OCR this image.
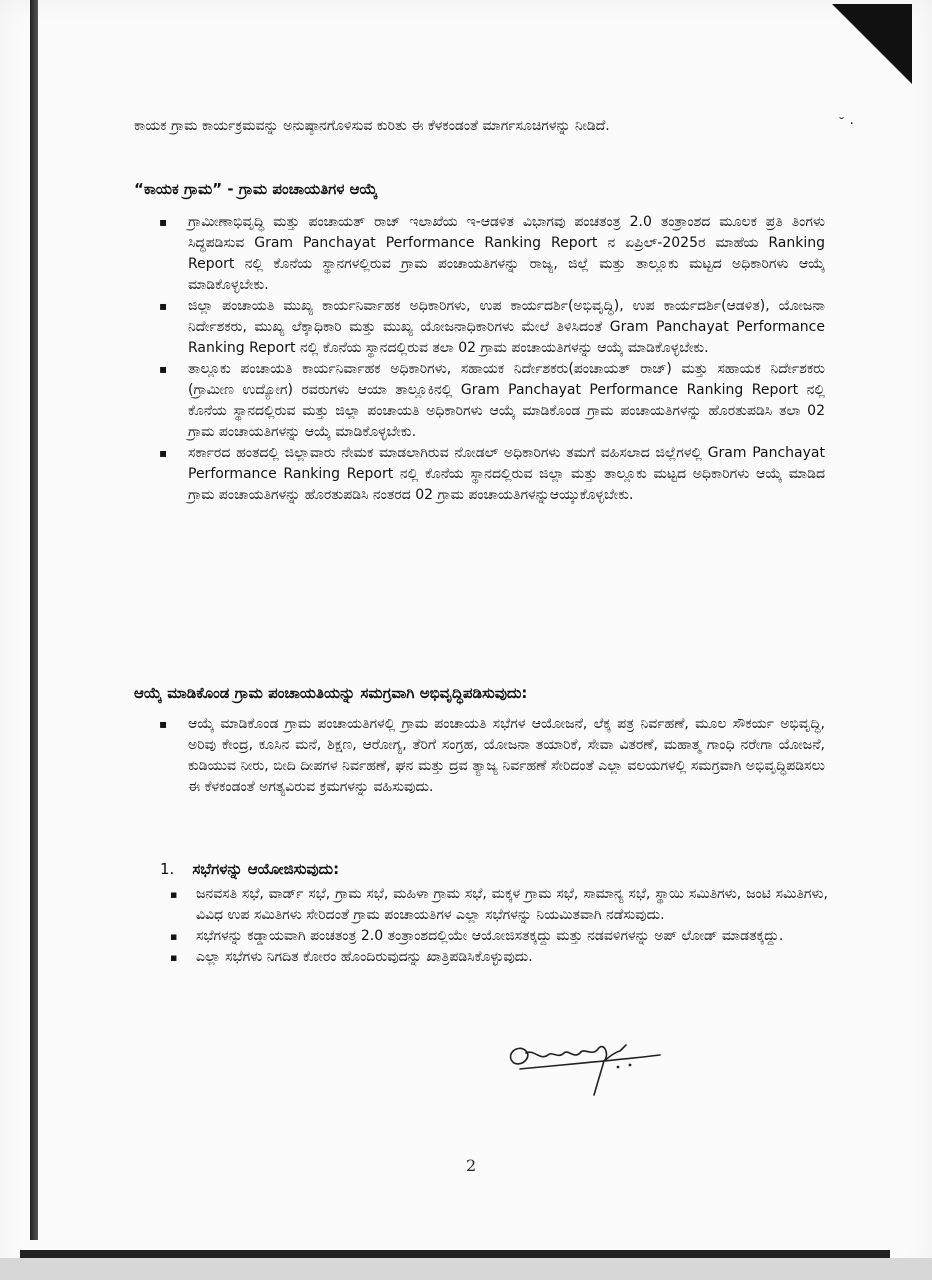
˘ ·
ಕಾಯಕ ಗ್ರಾಮ ಕಾರ್ಯಕ್ರಮವನ್ನು ಅನುಷ್ಠಾನಗೊಳಿಸುವ ಕುರಿತು ಈ ಕೆಳಕಂಡಂತೆ ಮಾರ್ಗಸೂಚಿಗಳನ್ನು ನೀಡಿದೆ.
“ಕಾಯಕ ಗ್ರಾಮ” - ಗ್ರಾಮ ಪಂಚಾಯತಿಗಳ ಆಯ್ಕೆ
▪ ಗ್ರಾಮೀಣಾಭಿವೃದ್ಧಿ ಮತ್ತು ಪಂಚಾಯತ್ ರಾಜ್ ಇಲಾಖೆಯ ಇ-ಆಡಳಿತ ವಿಭಾಗವು ಪಂಚತಂತ್ರ 2.0 ತಂತ್ರಾಂಶದ ಮೂಲಕ ಪ್ರತಿ ತಿಂಗಳು ಸಿದ್ಧಪಡಿಸುವ Gram Panchayat Performance Ranking Report ನ ಏಪ್ರಿಲ್-2025ರ ಮಾಹೆಯ Ranking Report ನಲ್ಲಿ ಕೊನೆಯ ಸ್ಥಾನಗಳಲ್ಲಿರುವ ಗ್ರಾಮ ಪಂಚಾಯತಿಗಳನ್ನು ರಾಜ್ಯ, ಜಿಲ್ಲೆ ಮತ್ತು ತಾಲ್ಲೂಕು ಮಟ್ಟದ ಅಧಿಕಾರಿಗಳು ಆಯ್ಕೆ ಮಾಡಿಕೊಳ್ಳಬೇಕು.
▪ ಜಿಲ್ಲಾ ಪಂಚಾಯತಿ ಮುಖ್ಯ ಕಾರ್ಯನಿರ್ವಾಹಕ ಅಧಿಕಾರಿಗಳು, ಉಪ ಕಾರ್ಯದರ್ಶಿ(ಅಭಿವೃದ್ಧಿ), ಉಪ ಕಾರ್ಯದರ್ಶಿ(ಆಡಳಿತ), ಯೋಜನಾ ನಿರ್ದೇಶಕರು, ಮುಖ್ಯ ಲೆಕ್ಕಾಧಿಕಾರಿ ಮತ್ತು ಮುಖ್ಯ ಯೋಜನಾಧಿಕಾರಿಗಳು ಮೇಲೆ ತಿಳಿಸಿದಂತೆ Gram Panchayat Performance Ranking Report ನಲ್ಲಿ ಕೊನೆಯ ಸ್ಥಾನದಲ್ಲಿರುವ ತಲಾ 02 ಗ್ರಾಮ ಪಂಚಾಯತಿಗಳನ್ನು ಆಯ್ಕೆ ಮಾಡಿಕೊಳ್ಳಬೇಕು.
▪ ತಾಲ್ಲೂಕು ಪಂಚಾಯತಿ ಕಾರ್ಯನಿರ್ವಾಹಕ ಅಧಿಕಾರಿಗಳು, ಸಹಾಯಕ ನಿರ್ದೇಶಕರು(ಪಂಚಾಯತ್ ರಾಜ್) ಮತ್ತು ಸಹಾಯಕ ನಿರ್ದೇಶಕರು (ಗ್ರಾಮೀಣ ಉದ್ಯೋಗ) ರವರುಗಳು ಆಯಾ ತಾಲ್ಲೂಕಿನಲ್ಲಿ Gram Panchayat Performance Ranking Report ನಲ್ಲಿ ಕೊನೆಯ ಸ್ಥಾನದಲ್ಲಿರುವ ಮತ್ತು ಜಿಲ್ಲಾ ಪಂಚಾಯತಿ ಅಧಿಕಾರಿಗಳು ಆಯ್ಕೆ ಮಾಡಿಕೊಂಡ ಗ್ರಾಮ ಪಂಚಾಯತಿಗಳನ್ನು ಹೊರತುಪಡಿಸಿ ತಲಾ 02 ಗ್ರಾಮ ಪಂಚಾಯತಿಗಳನ್ನು ಆಯ್ಕೆ ಮಾಡಿಕೊಳ್ಳಬೇಕು.
▪ ಸರ್ಕಾರದ ಹಂತದಲ್ಲಿ ಜಿಲ್ಲಾವಾರು ನೇಮಕ ಮಾಡಲಾಗಿರುವ ನೋಡಲ್ ಅಧಿಕಾರಿಗಳು ತಮಗೆ ವಹಿಸಲಾದ ಜಿಲ್ಲೆಗಳಲ್ಲಿ Gram Panchayat Performance Ranking Report ನಲ್ಲಿ ಕೊನೆಯ ಸ್ಥಾನದಲ್ಲಿರುವ ಜಿಲ್ಲಾ ಮತ್ತು ತಾಲ್ಲೂಕು ಮಟ್ಟದ ಅಧಿಕಾರಿಗಳು ಆಯ್ಕೆ ಮಾಡಿದ ಗ್ರಾಮ ಪಂಚಾಯತಿಗಳನ್ನು ಹೊರತುಪಡಿಸಿ ನಂತರದ 02 ಗ್ರಾಮ ಪಂಚಾಯತಿಗಳನ್ನುಆಯ್ಕುಕೊಳ್ಳಬೇಕು.
ಆಯ್ಕೆ ಮಾಡಿಕೊಂಡ ಗ್ರಾಮ ಪಂಚಾಯತಿಯನ್ನು ಸಮಗ್ರವಾಗಿ ಅಭಿವೃದ್ಧಿಪಡಿಸುವುದು:
▪ ಆಯ್ಕೆ ಮಾಡಿಕೊಂಡ ಗ್ರಾಮ ಪಂಚಾಯತಿಗಳಲ್ಲಿ ಗ್ರಾಮ ಪಂಚಾಯತಿ ಸಭೆಗಳ ಆಯೋಜನೆ, ಲೆಕ್ಕ ಪತ್ರ ನಿರ್ವಹಣೆ, ಮೂಲ ಸೌಕರ್ಯ ಅಭಿವೃದ್ಧಿ, ಅರಿವು ಕೇಂದ್ರ, ಕೂಸಿನ ಮನೆ, ಶಿಕ್ಷಣ, ಆರೋಗ್ಯ, ತೆರಿಗೆ ಸಂಗ್ರಹ, ಯೋಜನಾ ತಯಾರಿಕೆ, ಸೇವಾ ವಿತರಣೆ, ಮಹಾತ್ಮ ಗಾಂಧಿ ನರೇಗಾ ಯೋಜನೆ, ಕುಡಿಯುವ ನೀರು, ಬೀದಿ ದೀಪಗಳ ನಿರ್ವಹಣೆ, ಘನ ಮತ್ತು ದ್ರವ ತ್ಯಾಜ್ಯ ನಿರ್ವಹಣೆ ಸೇರಿದಂತೆ ಎಲ್ಲಾ ವಲಯಗಳಲ್ಲಿ ಸಮಗ್ರವಾಗಿ ಅಭಿವೃದ್ಧಿಪಡಿಸಲು ಈ ಕೆಳಕಂಡಂತೆ ಅಗತ್ಯವಿರುವ ಕ್ರಮಗಳನ್ನು ವಹಿಸುವುದು.
1. ಸಭೆಗಳನ್ನು ಆಯೋಜಿಸುವುದು:
▪ ಜನವಸತಿ ಸಭೆ, ವಾರ್ಡ್ ಸಭೆ, ಗ್ರಾಮ ಸಭೆ, ಮಹಿಳಾ ಗ್ರಾಮ ಸಭೆ, ಮಕ್ಕಳ ಗ್ರಾಮ ಸಭೆ, ಸಾಮಾನ್ಯ ಸಭೆ, ಸ್ಥಾಯಿ ಸಮಿತಿಗಳು, ಜಂಟಿ ಸಮಿತಿಗಳು, ವಿವಿಧ ಉಪ ಸಮಿತಿಗಳು ಸೇರಿದಂತೆ ಗ್ರಾಮ ಪಂಚಾಯತಿಗಳ ಎಲ್ಲಾ ಸಭೆಗಳನ್ನು ನಿಯಮಿತವಾಗಿ ನಡೆಸುವುದು.
▪ ಸಭೆಗಳನ್ನು ಕಡ್ಡಾಯವಾಗಿ ಪಂಚತಂತ್ರ 2.0 ತಂತ್ರಾಂಶದಲ್ಲಿಯೇ ಆಯೋಜಿಸತಕ್ಕದ್ದು ಮತ್ತು ನಡವಳಿಗಳನ್ನು ಅಪ್ ಲೋಡ್ ಮಾಡತಕ್ಕದ್ದು.
▪ ಎಲ್ಲಾ ಸಭೆಗಳು ನಿಗದಿತ ಕೋರಂ ಹೊಂದಿರುವುದನ್ನು ಖಾತ್ರಿಪಡಿಸಿಕೊಳ್ಳುವುದು.
2
